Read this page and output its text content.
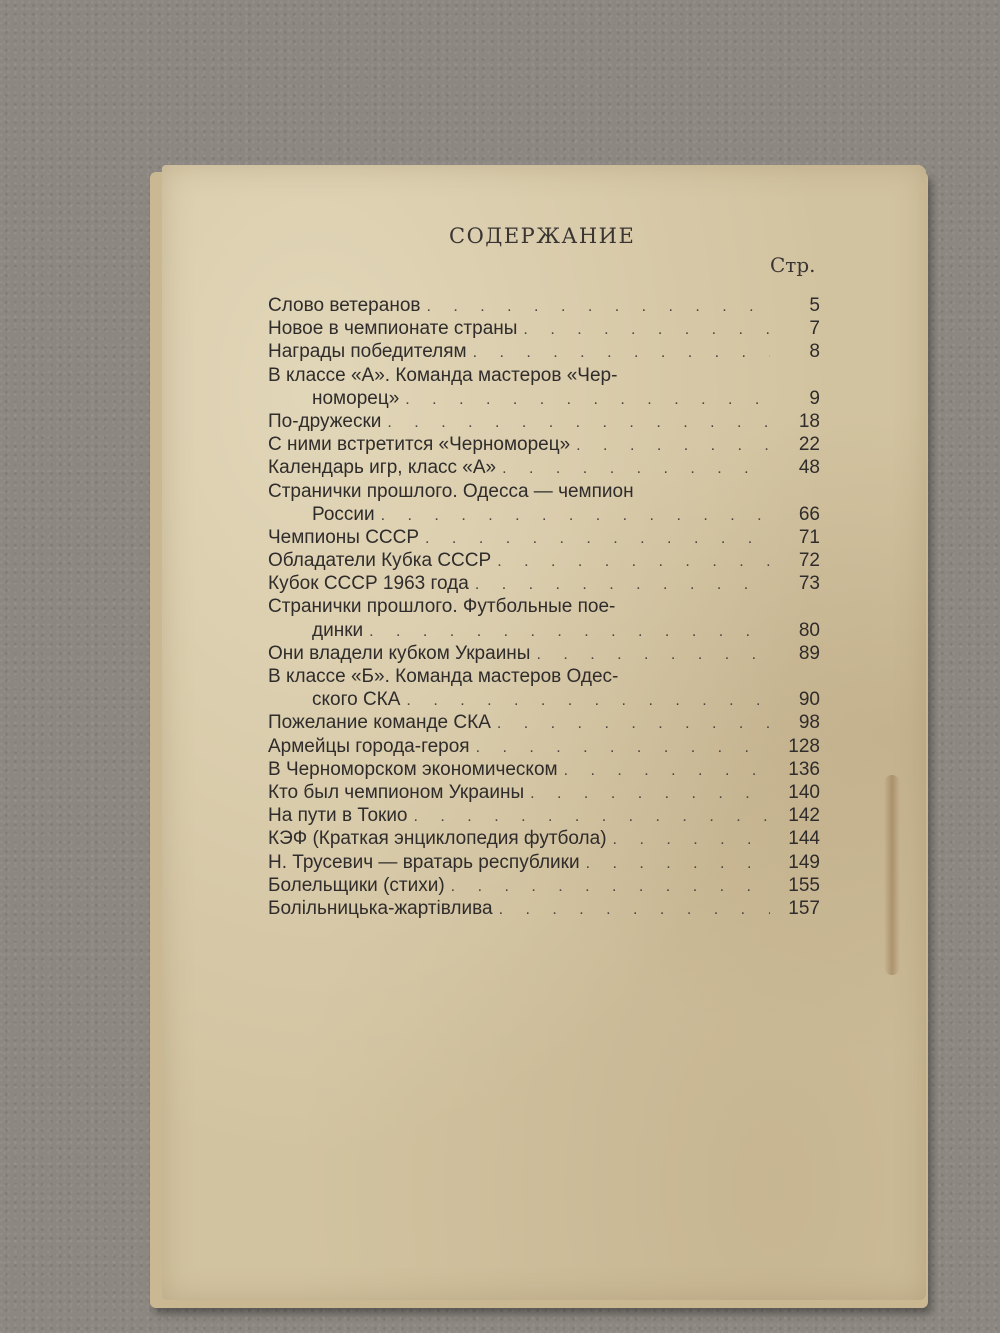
СОДЕРЖАНИЕ
Стр.
Слово ветеранов . . .	5
Новое в чемпионате страны . . .	7
Награды победителям . . .	8
В классе «А». Команда мастеров «Чер-
номорец» . . .	9
По-дружески . . .	18
С ними встретится «Черноморец» . . .	22
Календарь игр, класс «А» . . .	48
Странички прошлого. Одесса — чемпион
России . . .	66
Чемпионы СССР . . .	71
Обладатели Кубка СССР . . .	72
Кубок СССР 1963 года . . .	73
Странички прошлого. Футбольные пое-
динки . . .	80
Они владели кубком Украины . . .	89
В классе «Б». Команда мастеров Одес-
ского СКА . . .	90
Пожелание команде СКА . . .	98
Армейцы города-героя . . .	128
В Черноморском экономическом . . .	136
Кто был чемпионом Украины . . .	140
На пути в Токио . . .	142
КЭФ (Краткая энциклопедия футбола) . . .	144
Н. Трусевич — вратарь республики . . .	149
Болельщики (стихи) . . .	155
Болільницька-жартівлива . . .	157
